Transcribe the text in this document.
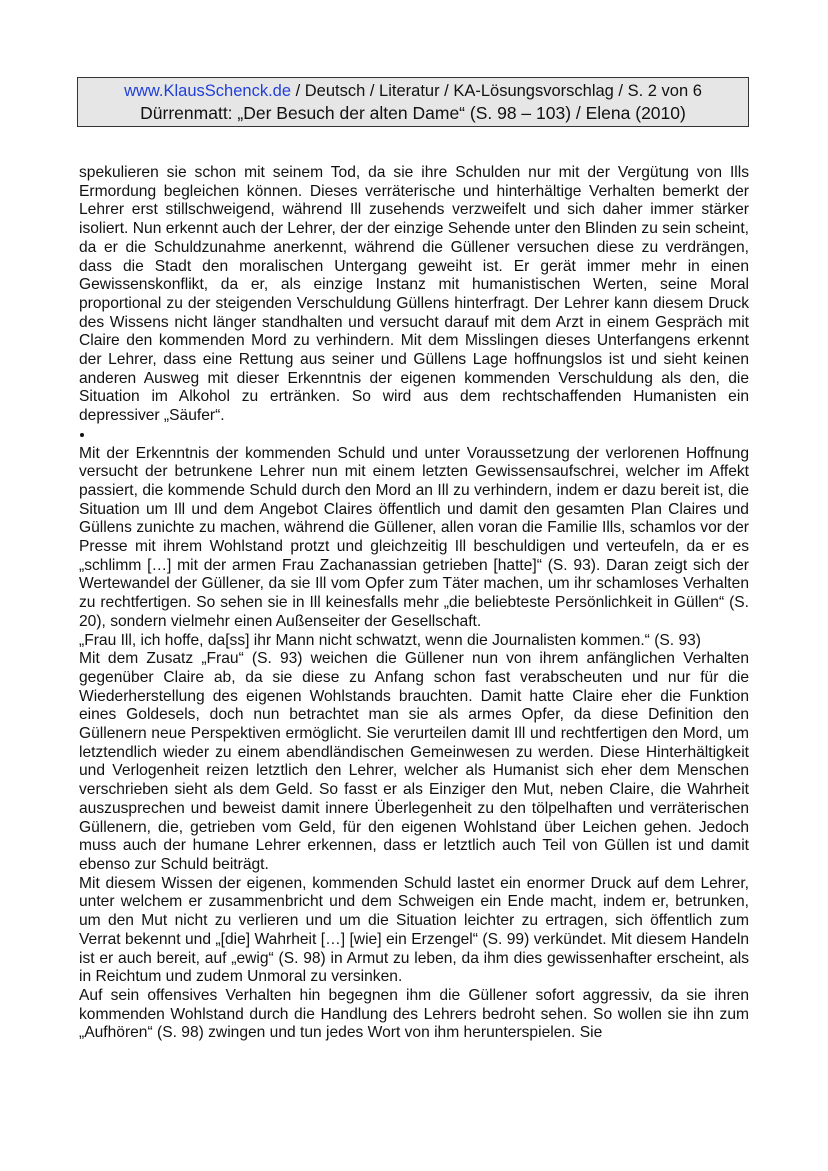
www.KlausSchenck.de / Deutsch / Literatur / KA-Lösungsvorschlag / S. 2 von 6
Dürrenmatt: „Der Besuch der alten Dame“ (S. 98 – 103) / Elena (2010)

spekulieren sie schon mit seinem Tod, da sie ihre Schulden nur mit der Vergütung von Ills Ermordung begleichen können. Dieses verräterische und hinterhältige Verhalten bemerkt der Lehrer erst stillschweigend, während Ill zusehends verzweifelt und sich daher immer stärker isoliert. Nun erkennt auch der Lehrer, der der einzige Sehende unter den Blinden zu sein scheint, da er die Schuldzunahme anerkennt, während die Güllener versuchen diese zu verdrängen, dass die Stadt den moralischen Untergang geweiht ist. Er gerät immer mehr in einen Gewissenskonflikt, da er, als einzige Instanz mit humanistischen Werten, seine Moral proportional zu der steigenden Verschuldung Güllens hinterfragt. Der Lehrer kann diesem Druck des Wissens nicht länger standhalten und versucht darauf mit dem Arzt in einem Gespräch mit Claire den kommenden Mord zu verhindern. Mit dem Misslingen dieses Unterfangens erkennt der Lehrer, dass eine Rettung aus seiner und Güllens Lage hoffnungslos ist und sieht keinen anderen Ausweg mit dieser Erkenntnis der eigenen kommenden Verschuldung als den, die Situation im Alkohol zu ertränken. So wird aus dem rechtschaffenden Humanisten ein depressiver „Säufer“.

Mit der Erkenntnis der kommenden Schuld und unter Voraussetzung der verlorenen Hoffnung versucht der betrunkene Lehrer nun mit einem letzten Gewissensaufschrei, welcher im Affekt passiert, die kommende Schuld durch den Mord an Ill zu verhindern, indem er dazu bereit ist, die Situation um Ill und dem Angebot Claires öffentlich und damit den gesamten Plan Claires und Güllens zunichte zu machen, während die Güllener, allen voran die Familie Ills, schamlos vor der Presse mit ihrem Wohlstand protzt und gleichzeitig Ill beschuldigen und verteufeln, da er es „schlimm […] mit der armen Frau Zachanassian getrieben [hatte]“ (S. 93). Daran zeigt sich der Wertewandel der Güllener, da sie Ill vom Opfer zum Täter machen, um ihr schamloses Verhalten zu rechtfertigen. So sehen sie in Ill keinesfalls mehr „die beliebteste Persönlichkeit in Güllen“ (S. 20), sondern vielmehr einen Außenseiter der Gesellschaft.

„Frau Ill, ich hoffe, da[ss] ihr Mann nicht schwatzt, wenn die Journalisten kommen.“ (S. 93)

Mit dem Zusatz „Frau“ (S. 93) weichen die Güllener nun von ihrem anfänglichen Verhalten gegenüber Claire ab, da sie diese zu Anfang schon fast verabscheuten und nur für die Wiederherstellung des eigenen Wohlstands brauchten. Damit hatte Claire eher die Funktion eines Goldesels, doch nun betrachtet man sie als armes Opfer, da diese Definition den Güllenern neue Perspektiven ermöglicht. Sie verurteilen damit Ill und rechtfertigen den Mord, um letztendlich wieder zu einem abendländischen Gemeinwesen zu werden. Diese Hinterhältigkeit und Verlogenheit reizen letztlich den Lehrer, welcher als Humanist sich eher dem Menschen verschrieben sieht als dem Geld. So fasst er als Einziger den Mut, neben Claire, die Wahrheit auszusprechen und beweist damit innere Überlegenheit zu den tölpelhaften und verräterischen Güllenern, die, getrieben vom Geld, für den eigenen Wohlstand über Leichen gehen. Jedoch muss auch der humane Lehrer erkennen, dass er letztlich auch Teil von Güllen ist und damit ebenso zur Schuld beiträgt.

Mit diesem Wissen der eigenen, kommenden Schuld lastet ein enormer Druck auf dem Lehrer, unter welchem er zusammenbricht und dem Schweigen ein Ende macht, indem er, betrunken, um den Mut nicht zu verlieren und um die Situation leichter zu ertragen, sich öffentlich zum Verrat bekennt und „[die] Wahrheit […] [wie] ein Erzengel“ (S. 99) verkündet. Mit diesem Handeln ist er auch bereit, auf „ewig“ (S. 98) in Armut zu leben, da ihm dies gewissenhafter erscheint, als in Reichtum und zudem Unmoral zu versinken.

Auf sein offensives Verhalten hin begegnen ihm die Güllener sofort aggressiv, da sie ihren kommenden Wohlstand durch die Handlung des Lehrers bedroht sehen. So wollen sie ihn zum „Aufhören“ (S. 98) zwingen und tun jedes Wort von ihm herunterspielen. Sie
